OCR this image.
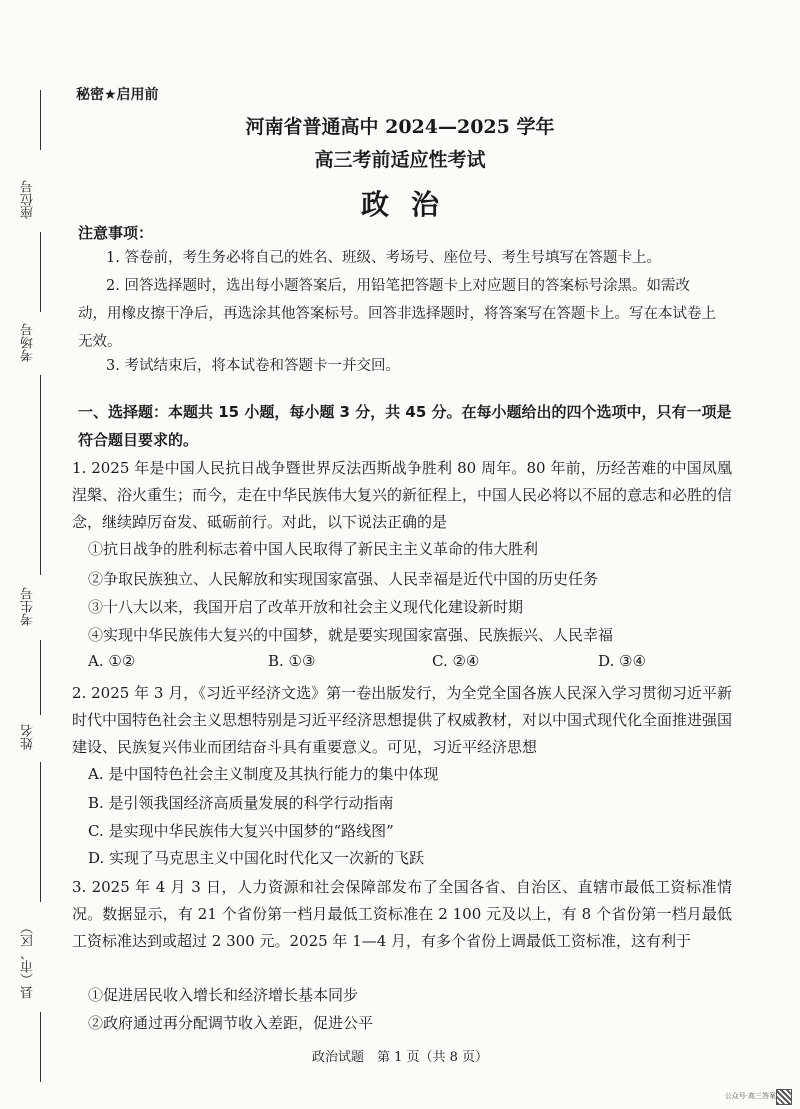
座位号
考场号
考生号
姓名
县（市、区）
秘密★启用前
河南省普通高中 2024—2025 学年
高三考前适应性考试
政治
注意事项：
1. 答卷前，考生务必将自己的姓名、班级、考场号、座位号、考生号填写在答题卡上。
2. 回答选择题时，选出每小题答案后，用铅笔把答题卡上对应题目的答案标号涂黑。如需改动，用橡皮擦干净后，再选涂其他答案标号。回答非选择题时，将答案写在答题卡上。写在本试卷上无效。
3. 考试结束后，将本试卷和答题卡一并交回。
一、选择题：本题共 15 小题，每小题 3 分，共 45 分。在每小题给出的四个选项中，只有一项是符合题目要求的。
1. 2025 年是中国人民抗日战争暨世界反法西斯战争胜利 80 周年。80 年前，历经苦难的中国凤凰涅槃、浴火重生；而今，走在中华民族伟大复兴的新征程上，中国人民必将以不屈的意志和必胜的信念，继续踔厉奋发、砥砺前行。对此，以下说法正确的是
①抗日战争的胜利标志着中国人民取得了新民主主义革命的伟大胜利
②争取民族独立、人民解放和实现国家富强、人民幸福是近代中国的历史任务
③十八大以来，我国开启了改革开放和社会主义现代化建设新时期
④实现中华民族伟大复兴的中国梦，就是要实现国家富强、民族振兴、人民幸福
A. ①②	B. ①③	C. ②④	D. ③④
2. 2025 年 3 月，《习近平经济文选》第一卷出版发行，为全党全国各族人民深入学习贯彻习近平新时代中国特色社会主义思想特别是习近平经济思想提供了权威教材，对以中国式现代化全面推进强国建设、民族复兴伟业而团结奋斗具有重要意义。可见，习近平经济思想
A. 是中国特色社会主义制度及其执行能力的集中体现
B. 是引领我国经济高质量发展的科学行动指南
C. 是实现中华民族伟大复兴中国梦的“路线图”
D. 实现了马克思主义中国化时代化又一次新的飞跃
3. 2025 年 4 月 3 日，人力资源和社会保障部发布了全国各省、自治区、直辖市最低工资标准情况。数据显示，有 21 个省份第一档月最低工资标准在 2 100 元及以上，有 8 个省份第一档月最低工资标准达到或超过 2 300 元。2025 年 1—4 月，有多个省份上调最低工资标准，这有利于
①促进居民收入增长和经济增长基本同步
②政府通过再分配调节收入差距，促进公平
政治试题　第 1 页（共 8 页）
公众号·高三答案
